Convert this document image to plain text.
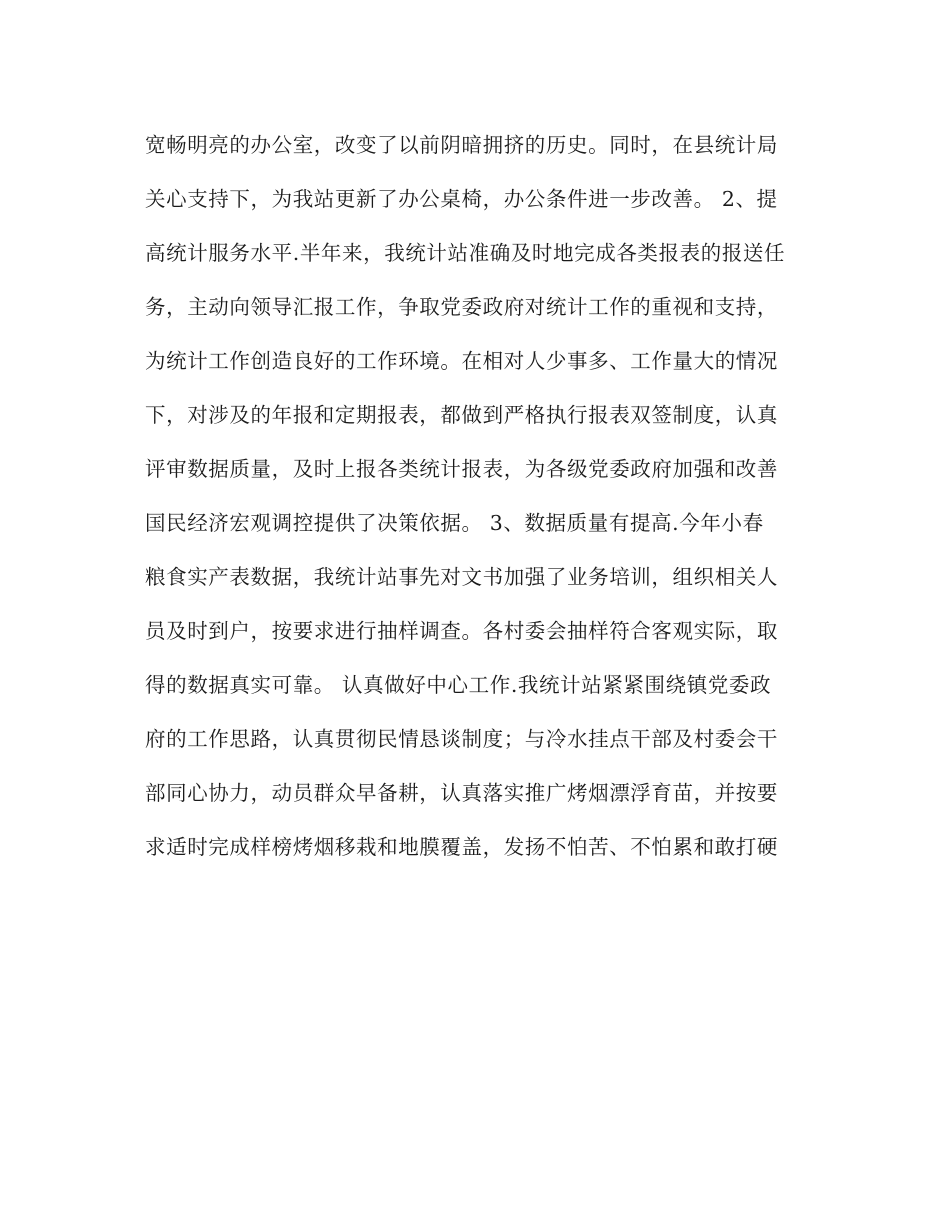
宽畅明亮的办公室，改变了以前阴暗拥挤的历史。同时，在县统计局
关心支持下，为我站更新了办公桌椅，办公条件进一步改善。 2、提
高统计服务水平.半年来，我统计站准确及时地完成各类报表的报送任
务，主动向领导汇报工作，争取党委政府对统计工作的重视和支持，
为统计工作创造良好的工作环境。在相对人少事多、工作量大的情况
下，对涉及的年报和定期报表，都做到严格执行报表双签制度，认真
评审数据质量，及时上报各类统计报表，为各级党委政府加强和改善
国民经济宏观调控提供了决策依据。 3、数据质量有提高.今年小春
粮食实产表数据，我统计站事先对文书加强了业务培训，组织相关人
员及时到户，按要求进行抽样调查。各村委会抽样符合客观实际，取
得的数据真实可靠。 认真做好中心工作.我统计站紧紧围绕镇党委政
府的工作思路，认真贯彻民情恳谈制度；与冷水挂点干部及村委会干
部同心协力，动员群众早备耕，认真落实推广烤烟漂浮育苗，并按要
求适时完成样榜烤烟移栽和地膜覆盖，发扬不怕苦、不怕累和敢打硬
